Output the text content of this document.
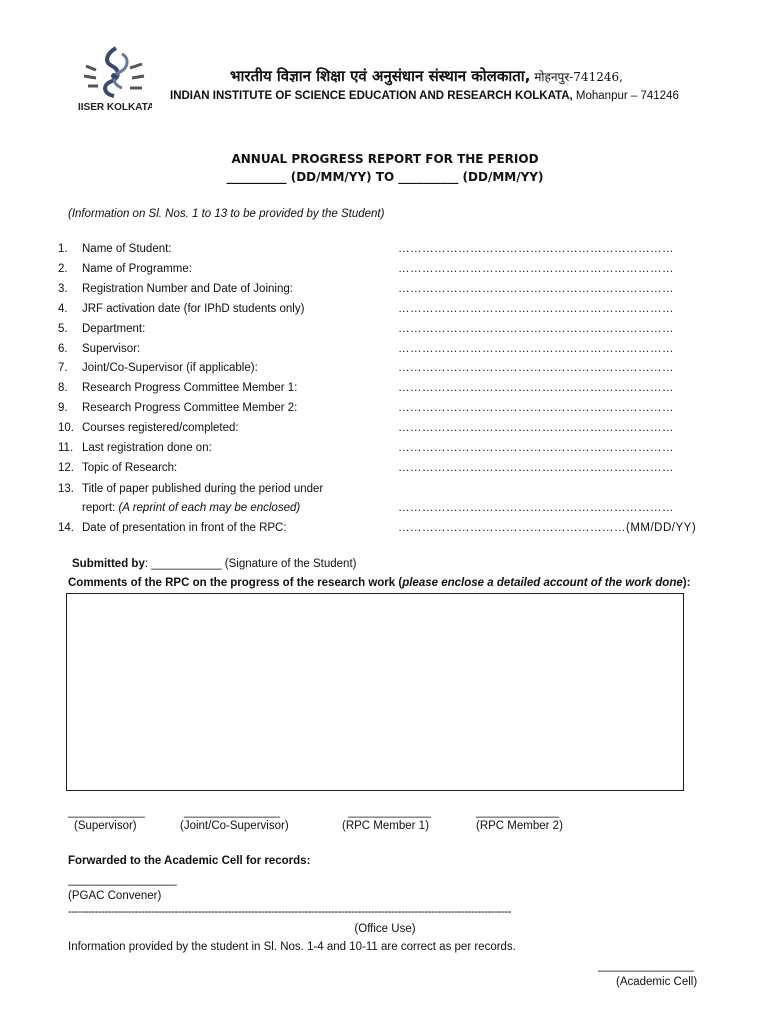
IISER KOLKATA
भारतीय विज्ञान शिक्षा एवं अनुसंधान संस्थान कोलकाता, मोहनपुर-741246,
INDIAN INSTITUTE OF SCIENCE EDUCATION AND RESEARCH KOLKATA, Mohanpur – 741246
ANNUAL PROGRESS REPORT FOR THE PERIOD
__________ (DD/MM/YY) TO __________ (DD/MM/YY)
(Information on Sl. Nos. 1 to 13 to be provided by the Student)
1. Name of Student:	……………………………………………………………
2. Name of Programme:	……………………………………………………………
3. Registration Number and Date of Joining:	……………………………………………………………
4. JRF activation date (for IPhD students only)	……………………………………………………………
5. Department:	……………………………………………………………
6. Supervisor:	……………………………………………………………
7. Joint/Co-Supervisor (if applicable):	……………………………………………………………
8. Research Progress Committee Member 1:	……………………………………………………………
9. Research Progress Committee Member 2:	……………………………………………………………
10. Courses registered/completed:	……………………………………………………………
11. Last registration done on:	……………………………………………………………
12. Topic of Research:	……………………………………………………………
13. Title of paper published during the period under
report: (A reprint of each may be enclosed)	……………………………………………………………
14. Date of presentation in front of the RPC:	…………………………………………………(MM/DD/YY)
Submitted by: ___________ (Signature of the Student)
Comments of the RPC on the progress of the research work (please enclose a detailed account of the work done):
____________
(Supervisor)
_______________
(Joint/Co-Supervisor)
_____________
(RPC Member 1)
_____________
(RPC Member 2)
Forwarded to the Academic Cell for records:
_________________
(PGAC Convener)
-------------------------------------------------------------------------------------------------------------------------------------
(Office Use)
Information provided by the student in Sl. Nos. 1-4 and 10-11 are correct as per records.
_______________
(Academic Cell)
